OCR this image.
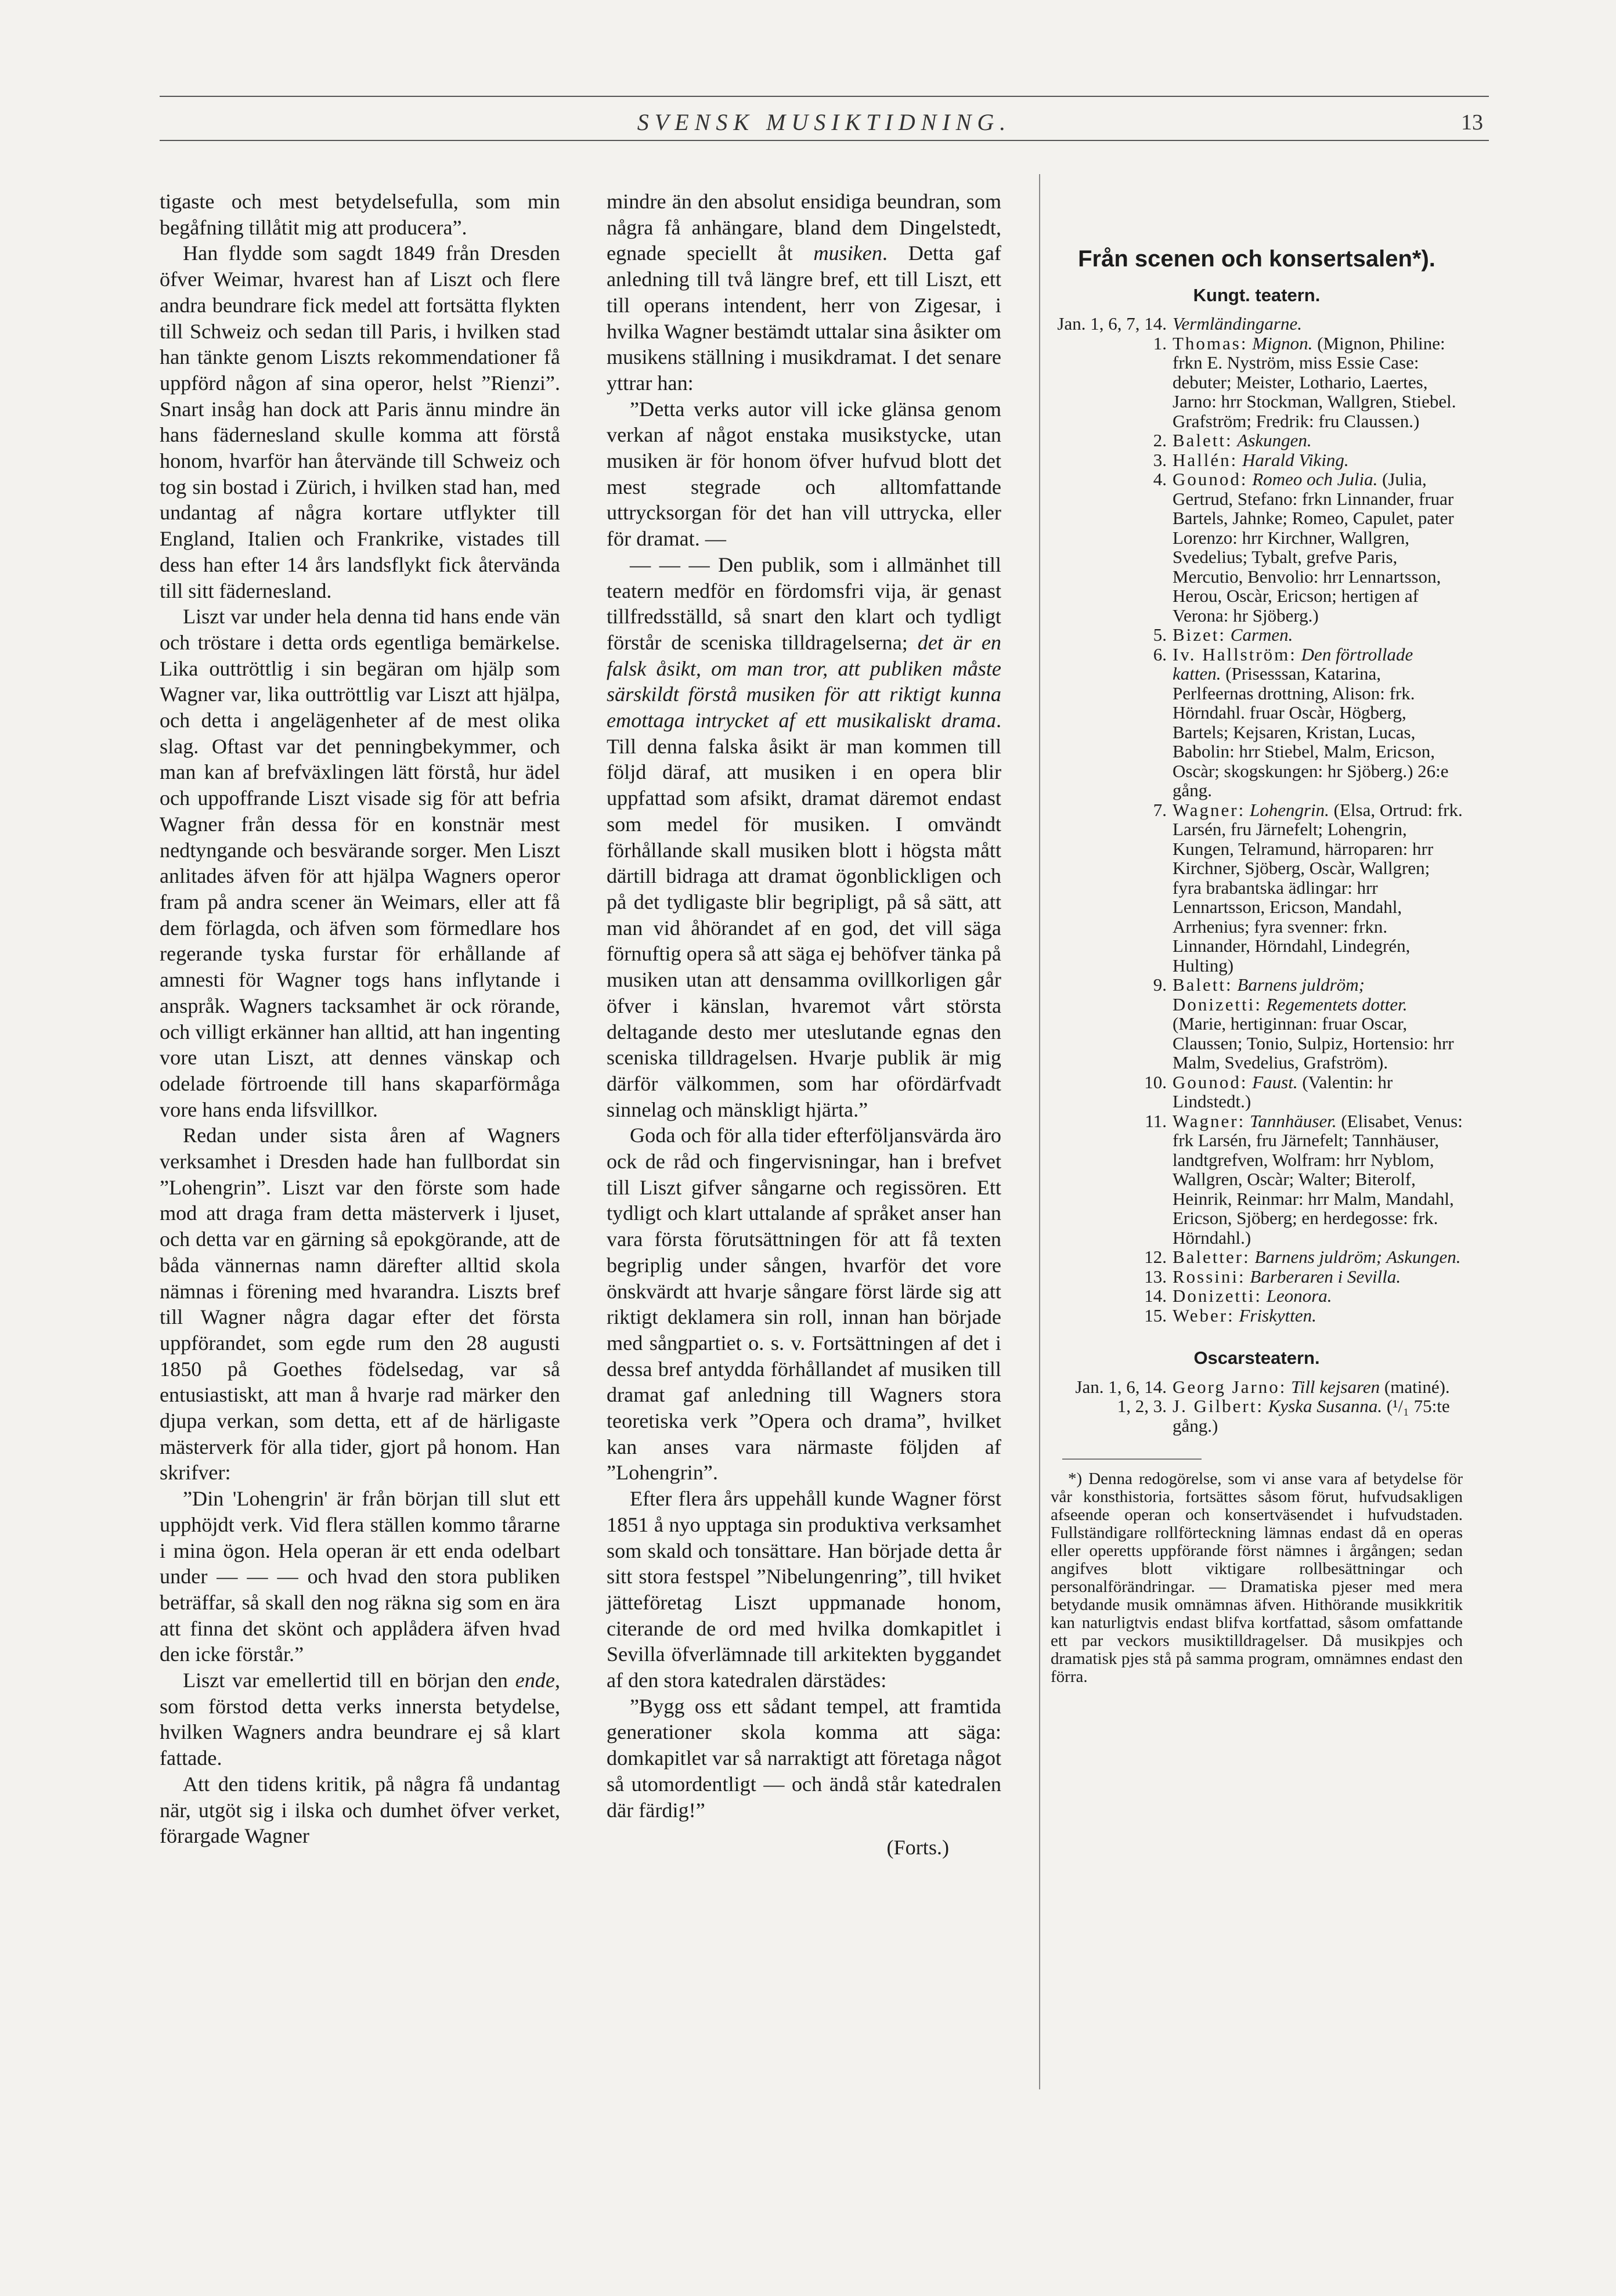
SVENSK MUSIKTIDNING.	13

tigaste och mest betydelsefulla, som min begåfning tillåtit mig att producera”.

Han flydde som sagdt 1849 från Dresden öfver Weimar, hvarest han af Liszt och flere andra beundrare fick medel att fortsätta flykten till Schweiz och sedan till Paris, i hvilken stad han tänkte genom Liszts rekommendationer få uppförd någon af sina operor, helst ”Rienzi”. Snart insåg han dock att Paris ännu mindre än hans fädernesland skulle komma att förstå honom, hvarför han återvände till Schweiz och tog sin bostad i Zürich, i hvilken stad han, med undantag af några kortare utflykter till England, Italien och Frankrike, vistades till dess han efter 14 års landsflykt fick återvända till sitt fädernesland.

Liszt var under hela denna tid hans ende vän och tröstare i detta ords egentliga bemärkelse. Lika outtröttlig i sin begäran om hjälp som Wagner var, lika outtröttlig var Liszt att hjälpa, och detta i angelägenheter af de mest olika slag. Oftast var det penningbekymmer, och man kan af brefväxlingen lätt förstå, hur ädel och uppoffrande Liszt visade sig för att befria Wagner från dessa för en konstnär mest nedtyngande och besvärande sorger. Men Liszt anlitades äfven för att hjälpa Wagners operor fram på andra scener än Weimars, eller att få dem förlagda, och äfven som förmedlare hos regerande tyska furstar för erhållande af amnesti för Wagner togs hans inflytande i anspråk. Wagners tacksamhet är ock rörande, och villigt erkänner han alltid, att han ingenting vore utan Liszt, att dennes vänskap och odelade förtroende till hans skaparförmåga vore hans enda lifsvillkor.

Redan under sista åren af Wagners verksamhet i Dresden hade han fullbordat sin ”Lohengrin”. Liszt var den förste som hade mod att draga fram detta mästerverk i ljuset, och detta var en gärning så epokgörande, att de båda vännernas namn därefter alltid skola nämnas i förening med hvarandra. Liszts bref till Wagner några dagar efter det första uppförandet, som egde rum den 28 augusti 1850 på Goethes födelsedag, var så entusiastiskt, att man å hvarje rad märker den djupa verkan, som detta, ett af de härligaste mästerverk för alla tider, gjort på honom. Han skrifver:

”Din 'Lohengrin' är från början till slut ett upphöjdt verk. Vid flera ställen kommo tårarne i mina ögon. Hela operan är ett enda odelbart under — — — och hvad den stora publiken beträffar, så skall den nog räkna sig som en ära att finna det skönt och applådera äfven hvad den icke förstår.”

Liszt var emellertid till en början den ende, som förstod detta verks innersta betydelse, hvilken Wagners andra beundrare ej så klart fattade.

Att den tidens kritik, på några få undantag när, utgöt sig i ilska och dumhet öfver verket, förargade Wagner

mindre än den absolut ensidiga beundran, som några få anhängare, bland dem Dingelstedt, egnade speciellt åt musiken. Detta gaf anledning till två längre bref, ett till Liszt, ett till operans intendent, herr von Zigesar, i hvilka Wagner bestämdt uttalar sina åsikter om musikens ställning i musikdramat. I det senare yttrar han:

”Detta verks autor vill icke glänsa genom verkan af något enstaka musikstycke, utan musiken är för honom öfver hufvud blott det mest stegrade och alltomfattande uttrycksorgan för det han vill uttrycka, eller för dramat. —

— — — Den publik, som i allmänhet till teatern medför en fördomsfri vija, är genast tillfredsställd, så snart den klart och tydligt förstår de sceniska tilldragelserna; det är en falsk åsikt, om man tror, att publiken måste särskildt förstå musiken för att riktigt kunna emottaga intrycket af ett musikaliskt drama. Till denna falska åsikt är man kommen till följd däraf, att musiken i en opera blir uppfattad som afsikt, dramat däremot endast som medel för musiken. I omvändt förhållande skall musiken blott i högsta mått därtill bidraga att dramat ögonblickligen och på det tydligaste blir begripligt, på så sätt, att man vid åhörandet af en god, det vill säga förnuftig opera så att säga ej behöfver tänka på musiken utan att densamma ovillkorligen går öfver i känslan, hvaremot vårt största deltagande desto mer uteslutande egnas den sceniska tilldragelsen. Hvarje publik är mig därför välkommen, som har ofördärfvadt sinnelag och mänskligt hjärta.”

Goda och för alla tider efterföljansvärda äro ock de råd och fingervisningar, han i brefvet till Liszt gifver sångarne och regissören. Ett tydligt och klart uttalande af språket anser han vara första förutsättningen för att få texten begriplig under sången, hvarför det vore önskvärdt att hvarje sångare först lärde sig att riktigt deklamera sin roll, innan han började med sångpartiet o. s. v. Fortsättningen af det i dessa bref antydda förhållandet af musiken till dramat gaf anledning till Wagners stora teoretiska verk ”Opera och drama”, hvilket kan anses vara närmaste följden af ”Lohengrin”.

Efter flera års uppehåll kunde Wagner först 1851 å nyo upptaga sin produktiva verksamhet som skald och tonsättare. Han började detta år sitt stora festspel ”Nibelungenring”, till hviket jätteföretag Liszt uppmanade honom, citerande de ord med hvilka domkapitlet i Sevilla öfverlämnade till arkitekten byggandet af den stora katedralen därstädes:

”Bygg oss ett sådant tempel, att framtida generationer skola komma att säga: domkapitlet var så narraktigt att företaga något så utomordentligt — och ändå står katedralen där färdig!”

(Forts.)
Från scenen och konsertsalen*).
Kungt. teatern.
Jan. 1, 6, 7, 14. Vermländingarne.
1. Thomas: Mignon. (Mignon, Philine: frkn E. Nyström, miss Essie Case: debuter; Meister, Lothario, Laertes, Jarno: hrr Stockman, Wallgren, Stiebel. Grafström; Fredrik: fru Claussen.)
2. Balett: Askungen.
3. Hallén: Harald Viking.
4. Gounod: Romeo och Julia. (Julia, Gertrud, Stefano: frkn Linnander, fruar Bartels, Jahnke; Romeo, Capulet, pater Lorenzo: hrr Kirchner, Wallgren, Svedelius; Tybalt, grefve Paris, Mercutio, Benvolio: hrr Lennartsson, Herou, Oscàr, Ericson; hertigen af Verona: hr Sjöberg.)
5. Bizet: Carmen.
6. Iv. Hallström: Den förtrollade katten. (Prisesssan, Katarina, Perlfeernas drottning, Alison: frk. Hörndahl. fruar Oscàr, Högberg, Bartels; Kejsaren, Kristan, Lucas, Babolin: hrr Stiebel, Malm, Ericson, Oscàr; skogskungen: hr Sjöberg.) 26:e gång.
7. Wagner: Lohengrin. (Elsa, Ortrud: frk. Larsén, fru Järnefelt; Lohengrin, Kungen, Telramund, härroparen: hrr Kirchner, Sjöberg, Oscàr, Wallgren; fyra brabantska ädlingar: hrr Lennartsson, Ericson, Mandahl, Arrhenius; fyra svenner: frkn. Linnander, Hörndahl, Lindegrén, Hulting)
9. Balett: Barnens juldröm;
Donizetti: Regementets dotter. (Marie, hertiginnan: fruar Oscar, Claussen; Tonio, Sulpiz, Hortensio: hrr Malm, Svedelius, Grafström).
10. Gounod: Faust. (Valentin: hr Lindstedt.)
11. Wagner: Tannhäuser. (Elisabet, Venus: frk Larsén, fru Järnefelt; Tannhäuser, landtgrefven, Wolfram: hrr Nyblom, Wallgren, Oscàr; Walter; Biterolf, Heinrik, Reinmar: hrr Malm, Mandahl, Ericson, Sjöberg; en herdegosse: frk. Hörndahl.)
12. Baletter: Barnens juldröm; Askungen.
13. Rossini: Barberaren i Sevilla.
14. Donizetti: Leonora.
15. Weber: Friskytten.
Oscarsteatern.
Jan. 1, 6, 14. Georg Jarno: Till kejsaren (matiné).
1, 2, 3. J. Gilbert: Kyska Susanna. (¹/₁ 75:te gång.)

*) Denna redogörelse, som vi anse vara af betydelse för vår konsthistoria, fortsättes såsom förut, hufvudsakligen afseende operan och konsertväsendet i hufvudstaden. Fullständigare rollförteckning lämnas endast då en operas eller operetts uppförande först nämnes i årgången; sedan angifves blott viktigare rollbesättningar och personalförändringar. — Dramatiska pjeser med mera betydande musik omnämnas äfven. Hithörande musikkritik kan naturligtvis endast blifva kortfattad, såsom omfattande ett par veckors musiktilldragelser. Då musikpjes och dramatisk pjes stå på samma program, omnämnes endast den förra.
